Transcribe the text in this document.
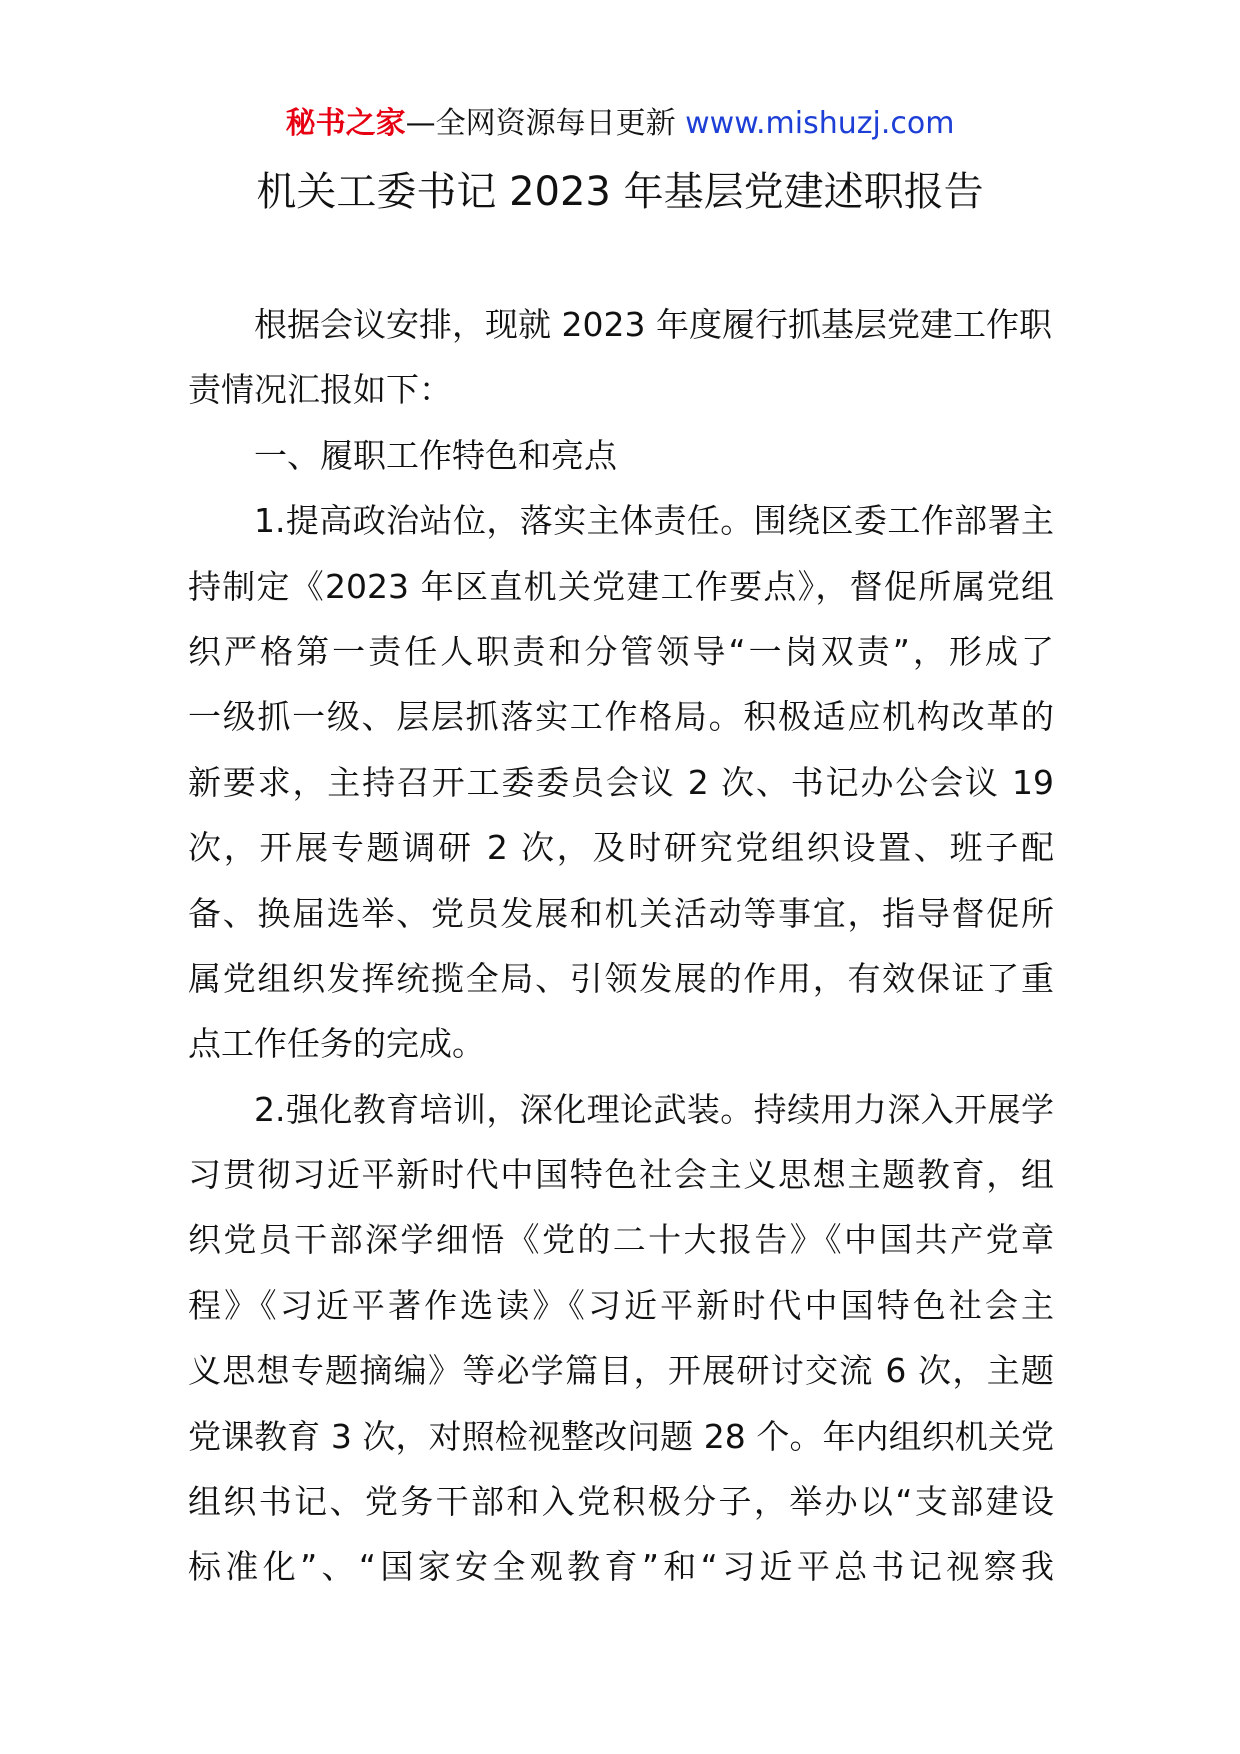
秘书之家—全网资源每日更新 www.mishuzj.com
机关工委书记 2023 年基层党建述职报告
根据会议安排，现就 2023 年度履行抓基层党建工作职
责情况汇报如下：
一、履职工作特色和亮点
1.提高政治站位，落实主体责任。围绕区委工作部署主
持制定《2023 年区直机关党建工作要点》，督促所属党组
织严格第一责任人职责和分管领导“一岗双责”，形成了
一级抓一级、层层抓落实工作格局。积极适应机构改革的
新要求，主持召开工委委员会议 2 次、书记办公会议 19
次，开展专题调研 2 次，及时研究党组织设置、班子配
备、换届选举、党员发展和机关活动等事宜，指导督促所
属党组织发挥统揽全局、引领发展的作用，有效保证了重
点工作任务的完成。
2.强化教育培训，深化理论武装。持续用力深入开展学
习贯彻习近平新时代中国特色社会主义思想主题教育，组
织党员干部深学细悟《党的二十大报告》《中国共产党章
程》《习近平著作选读》《习近平新时代中国特色社会主
义思想专题摘编》等必学篇目，开展研讨交流 6 次，主题
党课教育 3 次，对照检视整改问题 28 个。年内组织机关党
组织书记、党务干部和入党积极分子，举办以“支部建设
标准化”、“国家安全观教育”和“习近平总书记视察我
